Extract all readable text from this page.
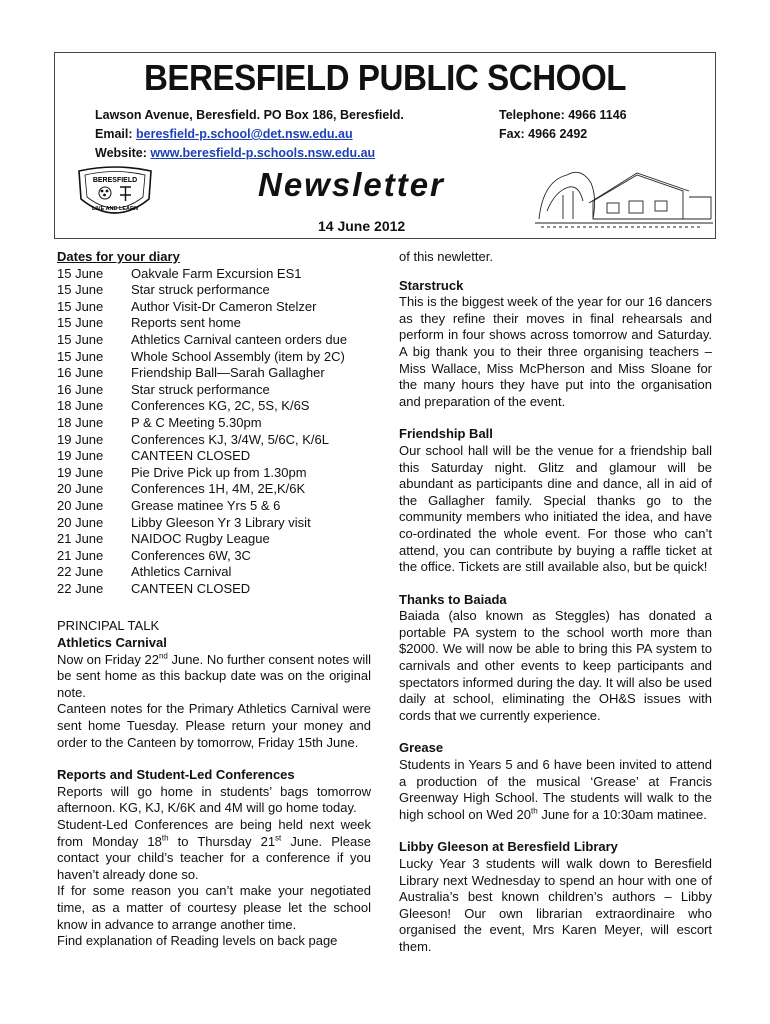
BERESFIELD PUBLIC SCHOOL
Lawson Avenue, Beresfield. PO Box 186, Beresfield.	Telephone: 4966 1146
Email: beresfield-p.school@det.nsw.edu.au	Fax: 4966 2492
Website: www.beresfield-p.schools.nsw.edu.au
BERESFIELD
LIVE AND LEARN
Newsletter
14 June 2012
Dates for your diary
15 June	Oakvale Farm Excursion ES1
15 June	Star struck performance
15 June	Author Visit-Dr Cameron Stelzer
15 June	Reports sent home
15 June	Athletics Carnival canteen orders due
15 June	Whole School Assembly (item by 2C)
16 June	Friendship Ball—Sarah Gallagher
16 June	Star struck performance
18 June	Conferences KG, 2C, 5S, K/6S
18 June	P & C Meeting 5.30pm
19 June	Conferences KJ, 3/4W, 5/6C, K/6L
19 June	CANTEEN CLOSED
19 June	Pie Drive Pick up from 1.30pm
20 June	Conferences 1H, 4M, 2E,K/6K
20 June	Grease matinee Yrs 5 & 6
20 June	Libby Gleeson Yr 3 Library visit
21 June	NAIDOC Rugby League
21 June	Conferences 6W, 3C
22 June	Athletics Carnival
22 June	CANTEEN CLOSED
PRINCIPAL TALK
Athletics Carnival

Now on Friday 22nd June. No further consent notes will be sent home as this backup date was on the original note.

Canteen notes for the Primary Athletics Carnival were sent home Tuesday. Please return your money and order to the Canteen by tomorrow, Friday 15th June.

Reports and Student-Led Conferences

Reports will go home in students’ bags tomorrow afternoon. KG, KJ, K/6K and 4M will go home today.

Student-Led Conferences are being held next week from Monday 18th to Thursday 21st June. Please contact your child’s teacher for a conference if you haven’t already done so.

If for some reason you can’t make your negotiated time, as a matter of courtesy please let the school know in advance to arrange another time.

Find explanation of Reading levels on back page

of this newletter.
Starstruck

This is the biggest week of the year for our 16 dancers as they refine their moves in final rehearsals and perform in four shows across tomorrow and Saturday. A big thank you to their three organising teachers – Miss Wallace, Miss McPherson and Miss Sloane for the many hours they have put into the organisation and preparation of the event.

Friendship Ball

Our school hall will be the venue for a friendship ball this Saturday night. Glitz and glamour will be abundant as participants dine and dance, all in aid of the Gallagher family. Special thanks go to the community members who initiated the idea, and have co-ordinated the whole event. For those who can’t attend, you can contribute by buying a raffle ticket at the office. Tickets are still available also, but be quick!

Thanks to Baiada

Baiada (also known as Steggles) has donated a portable PA system to the school worth more than $2000. We will now be able to bring this PA system to carnivals and other events to keep participants and spectators informed during the day. It will also be used daily at school, eliminating the OH&S issues with cords that we currently experience.

Grease

Students in Years 5 and 6 have been invited to attend a production of the musical ‘Grease’ at Francis Greenway High School. The students will walk to the high school on Wed 20th June for a 10:30am matinee.

Libby Gleeson at Beresfield Library

Lucky Year 3 students will walk down to Beresfield Library next Wednesday to spend an hour with one of Australia’s best known children’s authors – Libby Gleeson! Our own librarian extraordinaire who organised the event, Mrs Karen Meyer, will escort them.
